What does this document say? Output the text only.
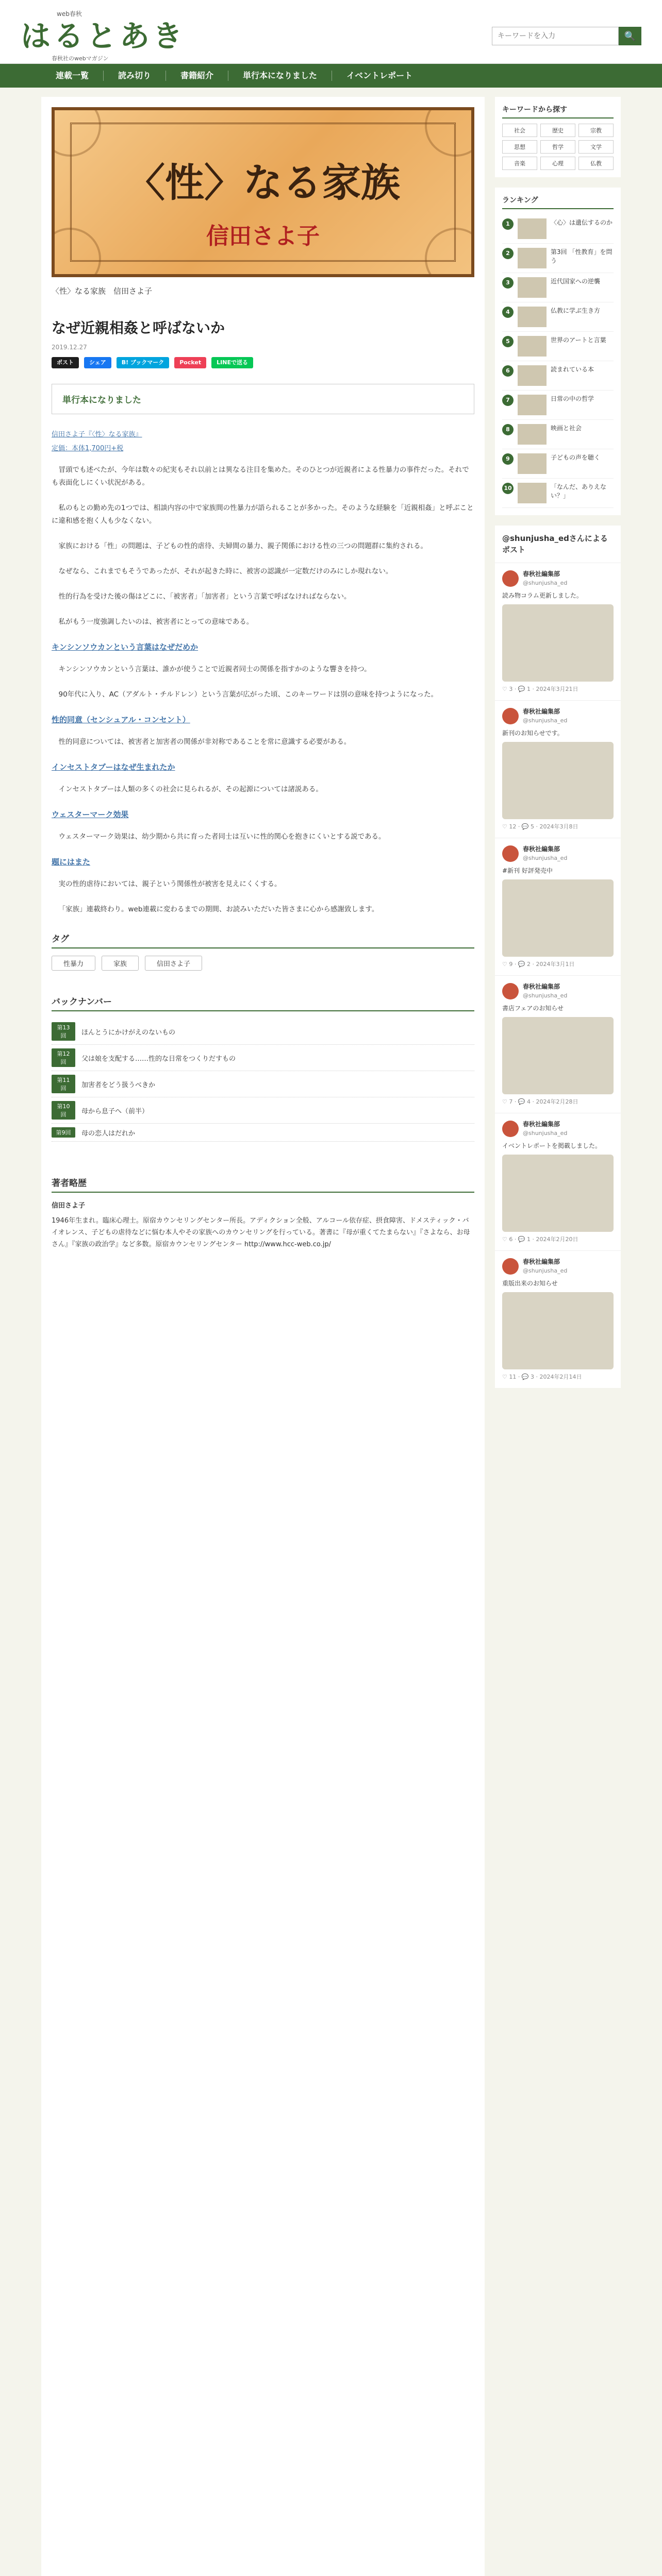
web春秋
はるとあき
春秋社のwebマガジン
キーワードを入力
🔍
連載一覧	読み切り	書籍紹介	単行本になりました	イベントレポート
〈性〉なる家族
信田さよ子
〈性〉なる家族　信田さよ子
なぜ近親相姦と呼ばないか
2019.12.27
ポスト	シェア	B! ブックマーク	Pocket	LINEで送る
単行本になりました
信田さよ子『〈性〉なる家族』
定価：本体1,700円+税

冒頭でも述べたが、今年は数々の紀実もそれ以前とは異なる注目を集めた。そのひとつが近親者による性暴力の事件だった。それでも表面化しにくい状況がある。

私のもとの勤め先の1つでは、相談内容の中で家族間の性暴力が語られることが多かった。そのような経験を「近親相姦」と呼ぶことに違和感を抱く人も少なくない。

家族における「性」の問題は、子どもの性的虐待、夫婦間の暴力、親子関係における性の三つの問題群に集約される。

なぜなら、これまでもそうであったが、それが起きた時に、被害の認識が一定数だけのみにしか現れない。

性的行為を受けた後の傷はどこに、「被害者」「加害者」という言葉で呼ばなければならない。

私がもう一度強調したいのは、被害者にとっての意味である。

キンシンソウカンという言葉はなぜだめか

キンシンソウカンという言葉は、誰かが使うことで近親者同士の関係を指すかのような響きを持つ。

90年代に入り、AC（アダルト・チルドレン）という言葉が広がった頃、このキーワードは別の意味を持つようになった。

性的同意（センシュアル・コンセント）

性的同意については、被害者と加害者の関係が非対称であることを常に意識する必要がある。

インセストタブーはなぜ生まれたか

インセストタブーは人類の多くの社会に見られるが、その起源については諸説ある。

ウェスターマーク効果

ウェスターマーク効果は、幼少期から共に育った者同士は互いに性的関心を抱きにくいとする説である。

題にはまた

実の性的虐待においては、親子という関係性が被害を見えにくくする。

「家族」連載終わり。web連載に変わるまでの期間、お読みいただいた皆さまに心から感謝致します。

タグ
性暴力	家族	信田さよ子
バックナンバー
第13回	ほんとうにかけがえのないもの
第12回	父は娘を支配する……性的な日常をつくりだすもの
第11回	加害者をどう扱うべきか
第10回	母から息子へ（前半）
第9回	母の恋人はだれか
著者略歴
信田さよ子
1946年生まれ。臨床心理士。原宿カウンセリングセンター所長。アディクション全般、アルコール依存症、摂食障害、ドメスティック・バイオレンス、子どもの虐待などに悩む本人やその家族へのカウンセリングを行っている。著書に『母が重くてたまらない』『さよなら、お母さん』『家族の政治学』など多数。原宿カウンセリングセンター http://www.hcc-web.co.jp/
キーワードから探す
社会	歴史	宗教
思想	哲学	文学
音楽	心理	仏教
ランキング
1	〈心〉は遺伝するのか
2	第3回 「性教育」を問う
3	近代国家への逆襲
4	仏教に学ぶ生き方
5	世界のアートと言葉
6	読まれている本
7	日常の中の哲学
8	映画と社会
9	子どもの声を聴く
10	「なんだ、ありえない？」
@shunjusha_edさんによるポスト
春秋社編集部
@shunjusha_ed
読み物コラム更新しました。
♡ 3 · 💬 1 · 2024年3月21日
春秋社編集部
@shunjusha_ed
新刊のお知らせです。
♡ 12 · 💬 5 · 2024年3月8日
春秋社編集部
@shunjusha_ed
#新刊 好評発売中
♡ 9 · 💬 2 · 2024年3月1日
春秋社編集部
@shunjusha_ed
書店フェアのお知らせ
♡ 7 · 💬 4 · 2024年2月28日
春秋社編集部
@shunjusha_ed
イベントレポートを掲載しました。
♡ 6 · 💬 1 · 2024年2月20日
春秋社編集部
@shunjusha_ed
重版出来のお知らせ
♡ 11 · 💬 3 · 2024年2月14日
